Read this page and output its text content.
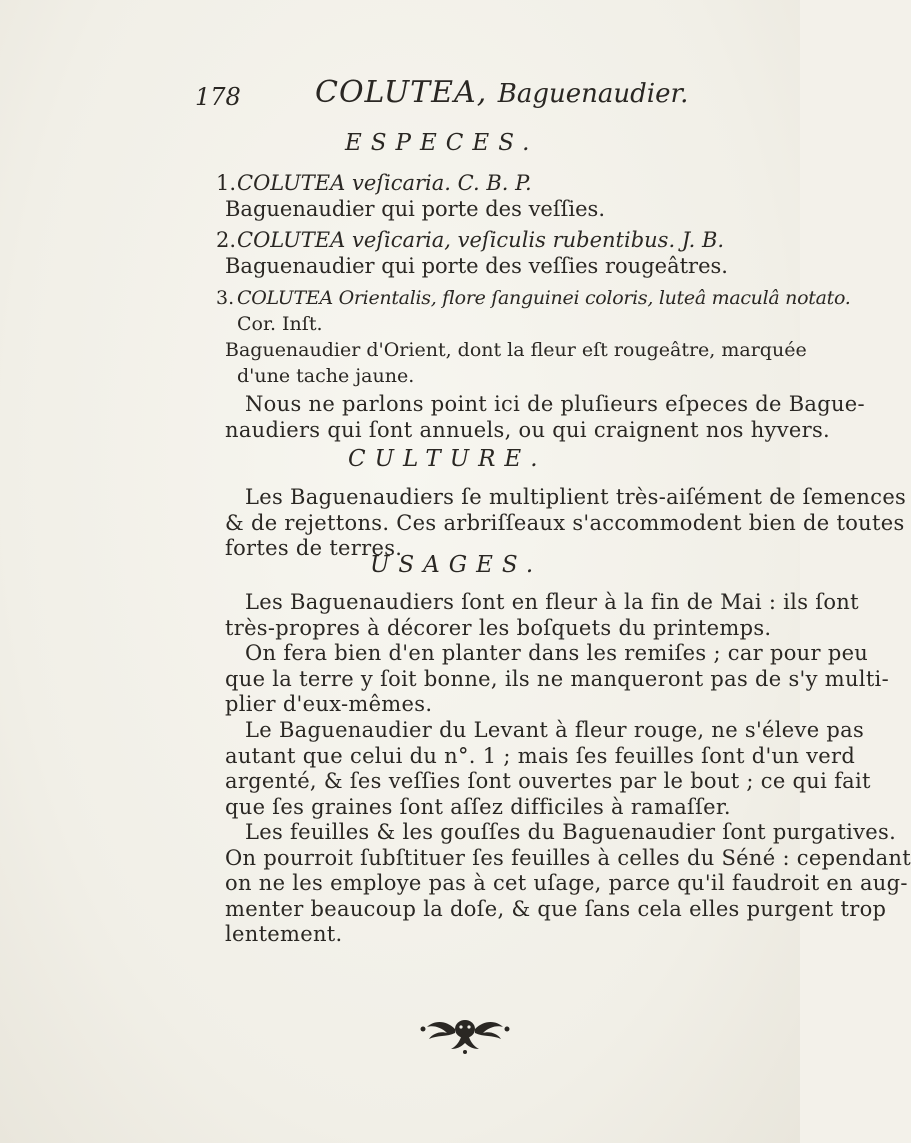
178 COLUTEA, Baguenaudier.
ESPECES.
1. COLUTEA veſicaria. C. B. P.
Baguenaudier qui porte des veſſies.
2. COLUTEA veſicaria, veſiculis rubentibus. J. B.
Baguenaudier qui porte des veſſies rougeâtres.
3. COLUTEA Orientalis, flore ſanguinei coloris, luteâ maculâ notato.
Cor. Inſt.
Baguenaudier d'Orient, dont la fleur eſt rougeâtre, marquée
d'une tache jaune.
Nous ne parlons point ici de pluſieurs eſpeces de Bague-
naudiers qui ſont annuels, ou qui craignent nos hyvers.
CULTURE.
Les Baguenaudiers ſe multiplient très-aiſément de ſemences
& de rejettons. Ces arbriſſeaux s'accommodent bien de toutes
fortes de terres.
USAGES.
Les Baguenaudiers ſont en fleur à la fin de Mai : ils ſont
très-propres à décorer les boſquets du printemps.
On fera bien d'en planter dans les remiſes ; car pour peu
que la terre y ſoit bonne, ils ne manqueront pas de s'y multi-
plier d'eux-mêmes.
Le Baguenaudier du Levant à fleur rouge, ne s'éleve pas
autant que celui du n°. 1 ; mais ſes feuilles ſont d'un verd
argenté, & ſes veſſies ſont ouvertes par le bout ; ce qui fait
que ſes graines ſont aſſez difficiles à ramaſſer.
Les feuilles & les gouſſes du Baguenaudier ſont purgatives.
On pourroit ſubſtituer ſes feuilles à celles du Séné : cependant
on ne les employe pas à cet uſage, parce qu'il faudroit en aug-
menter beaucoup la doſe, & que ſans cela elles purgent trop
lentement.
